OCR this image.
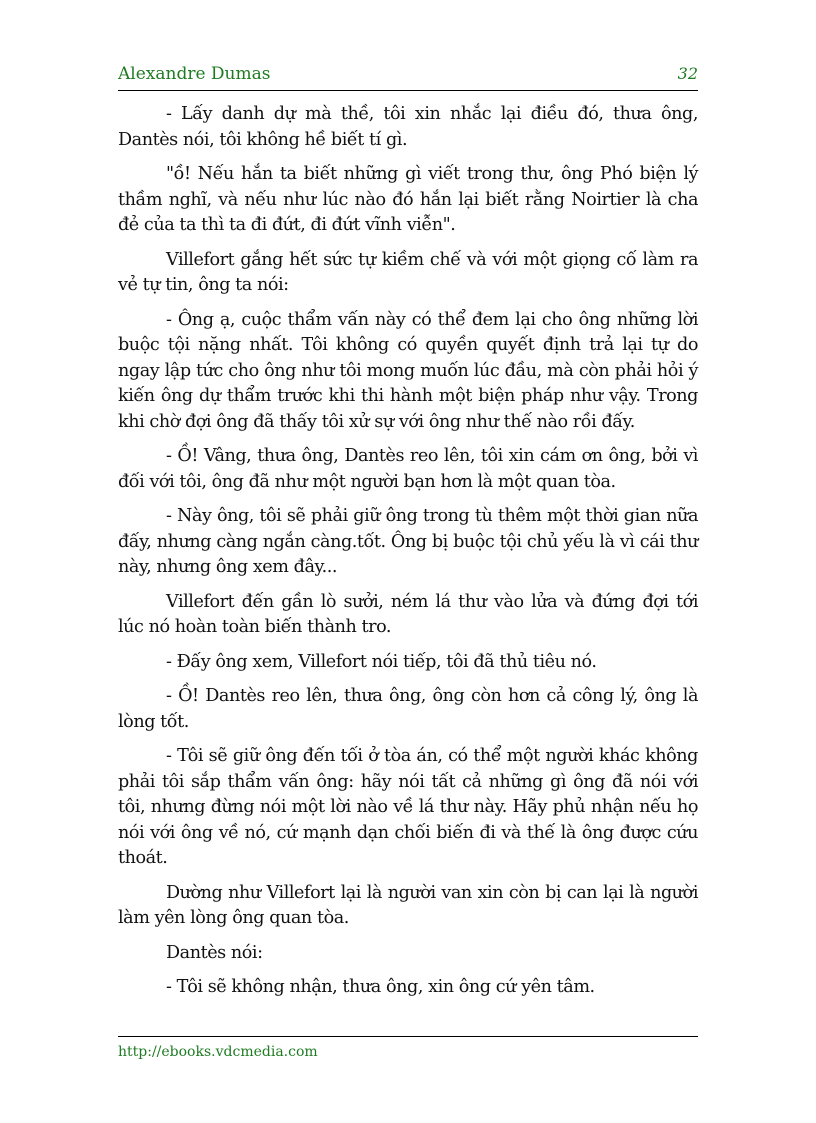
Alexandre Dumas	32

- Lấy danh dự mà thề, tôi xin nhắc lại điều đó, thưa ông, Dantès nói, tôi không hề biết tí gì.

"ồ! Nếu hắn ta biết những gì viết trong thư, ông Phó biện lý thầm nghĩ, và nếu như lúc nào đó hắn lại biết rằng Noirtier là cha đẻ của ta thì ta đi đứt, đi đứt vĩnh viễn".

Villefort gắng hết sức tự kiềm chế và với một giọng cố làm ra vẻ tự tin, ông ta nói:

- Ông ạ, cuộc thẩm vấn này có thể đem lại cho ông những lời buộc tội nặng nhất. Tôi không có quyền quyết định trả lại tự do ngay lập tức cho ông như tôi mong muốn lúc đầu, mà còn phải hỏi ý kiến ông dự thẩm trước khi thi hành một biện pháp như vậy. Trong khi chờ đợi ông đã thấy tôi xử sự với ông như thế nào rồi đấy.

- Ồ! Vâng, thưa ông, Dantès reo lên, tôi xin cám ơn ông, bởi vì đối với tôi, ông đã như một người bạn hơn là một quan tòa.

- Này ông, tôi sẽ phải giữ ông trong tù thêm một thời gian nữa đấy, nhưng càng ngắn càng.tốt. Ông bị buộc tội chủ yếu là vì cái thư này, nhưng ông xem đây...

Villefort đến gần lò sưởi, ném lá thư vào lửa và đứng đợi tới lúc nó hoàn toàn biến thành tro.

- Đấy ông xem, Villefort nói tiếp, tôi đã thủ tiêu nó.

- Ồ! Dantès reo lên, thưa ông, ông còn hơn cả công lý, ông là lòng tốt.

- Tôi sẽ giữ ông đến tối ở tòa án, có thể một người khác không phải tôi sắp thẩm vấn ông: hãy nói tất cả những gì ông đã nói với tôi, nhưng đừng nói một lời nào về lá thư này. Hãy phủ nhận nếu họ nói với ông về nó, cứ mạnh dạn chối biến đi và thế là ông được cứu thoát.

Dường như Villefort lại là người van xin còn bị can lại là người làm yên lòng ông quan tòa.

Dantès nói:

- Tôi sẽ không nhận, thưa ông, xin ông cứ yên tâm.

http://ebooks.vdcmedia.com
